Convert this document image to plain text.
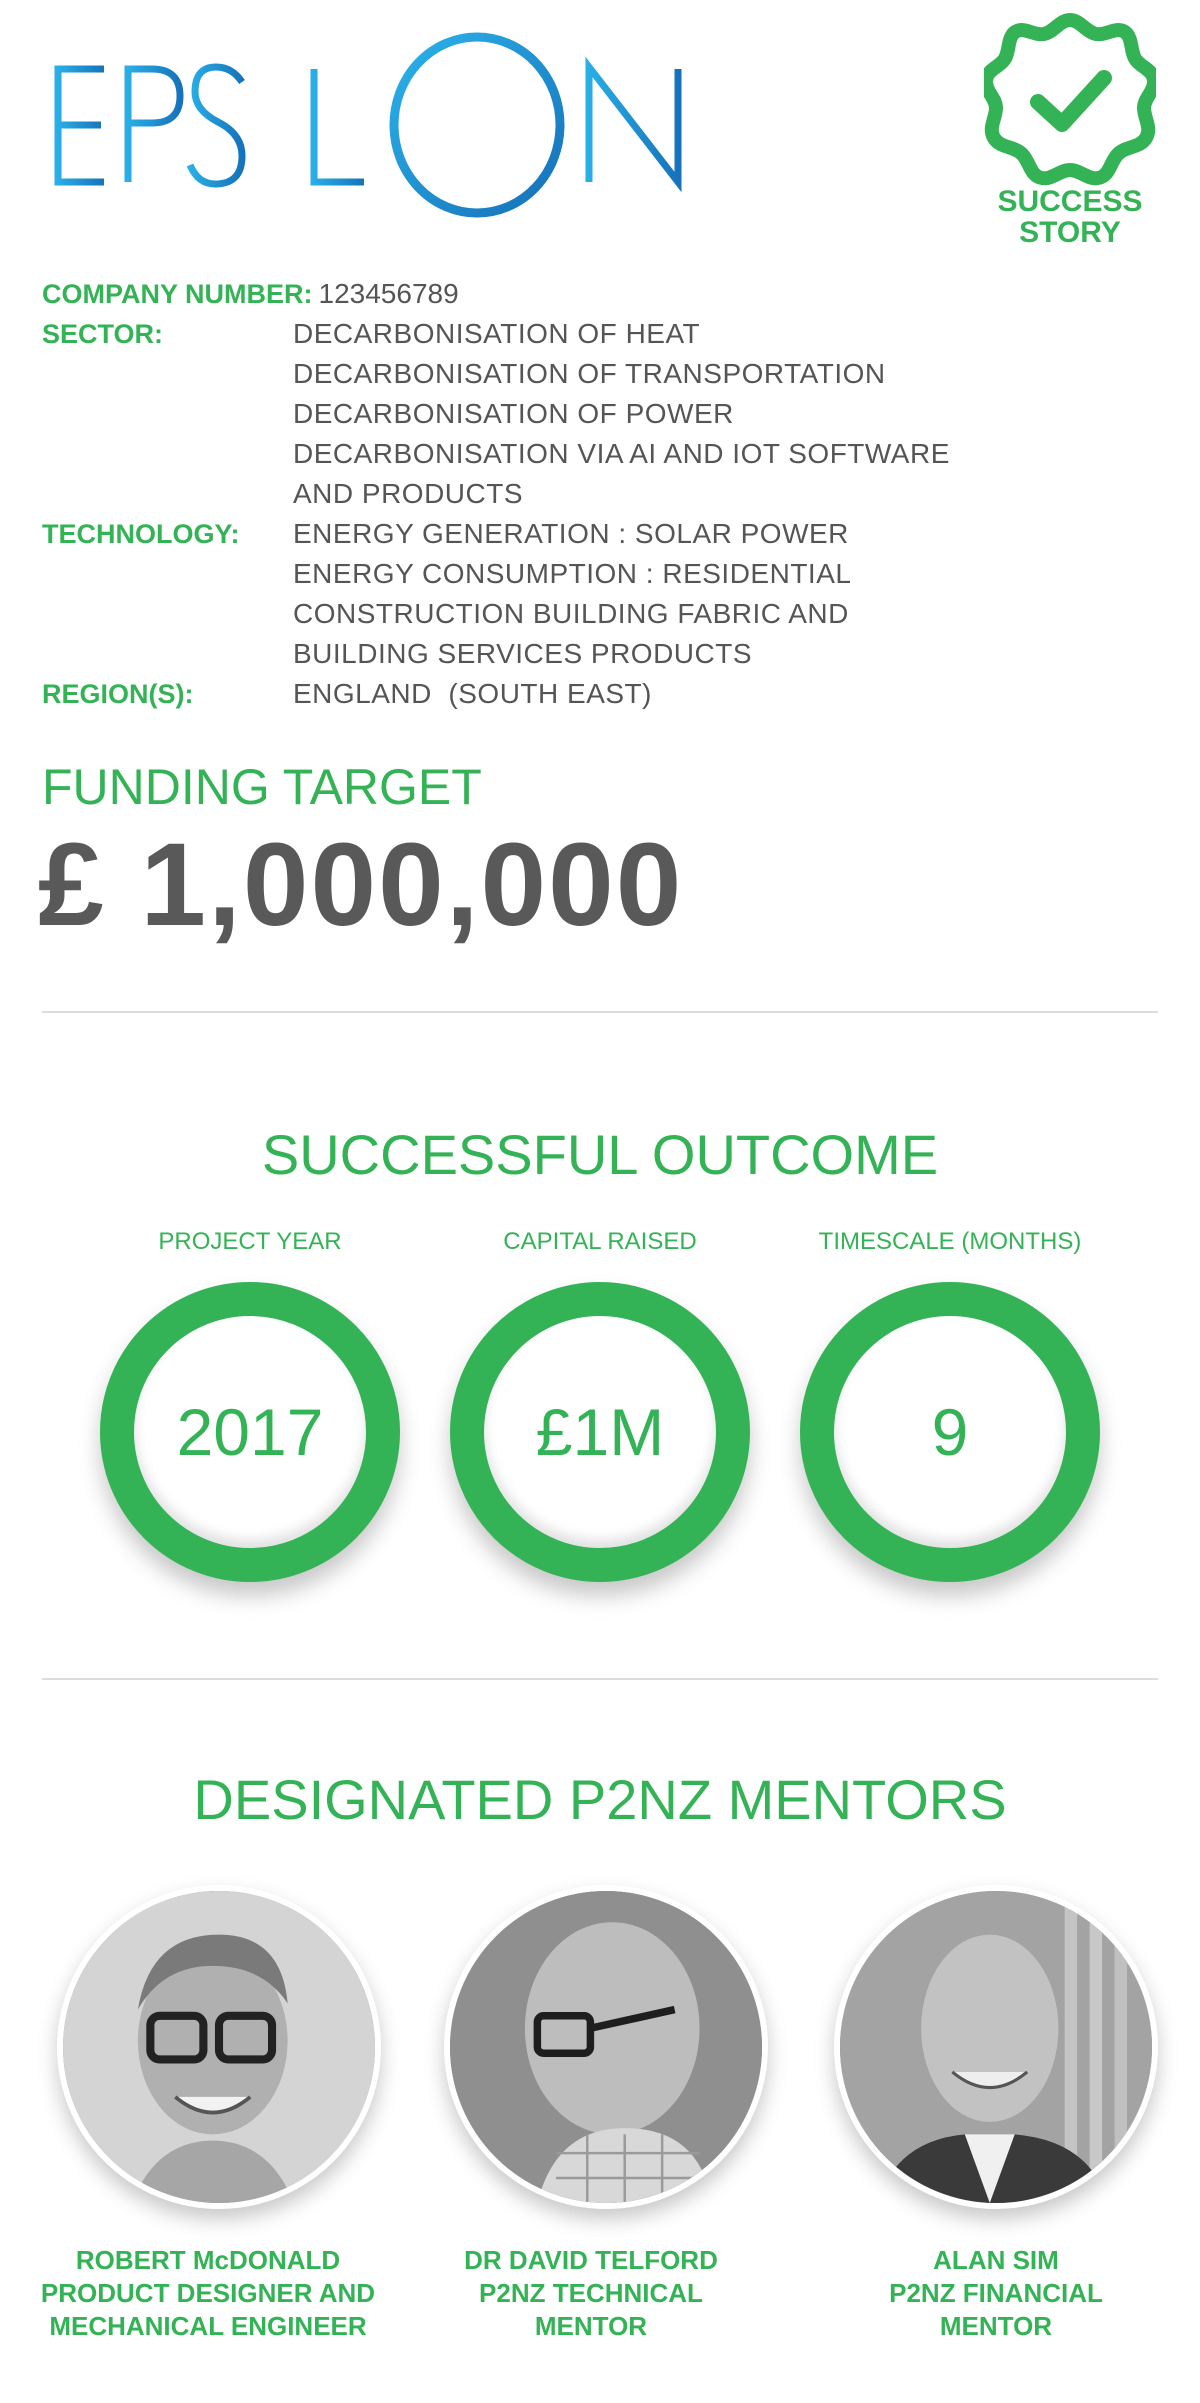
SUCCESS
STORY
COMPANY NUMBER: 123456789
SECTOR:	DECARBONISATION OF HEAT
DECARBONISATION OF TRANSPORTATION
DECARBONISATION OF POWER
DECARBONISATION VIA AI AND IOT SOFTWARE
AND PRODUCTS
TECHNOLOGY:	ENERGY GENERATION : SOLAR POWER
ENERGY CONSUMPTION : RESIDENTIAL
CONSTRUCTION BUILDING FABRIC AND
BUILDING SERVICES PRODUCTS
REGION(S):	ENGLAND  (SOUTH EAST)
FUNDING TARGET
£ 1,000,000
SUCCESSFUL OUTCOME
PROJECT YEAR	CAPITAL RAISED	TIMESCALE (MONTHS)
2017	£1M	9
DESIGNATED P2NZ MENTORS
ROBERT McDONALD
PRODUCT DESIGNER AND
MECHANICAL ENGINEER
DR DAVID TELFORD
P2NZ TECHNICAL
MENTOR
ALAN SIM
P2NZ FINANCIAL
MENTOR
